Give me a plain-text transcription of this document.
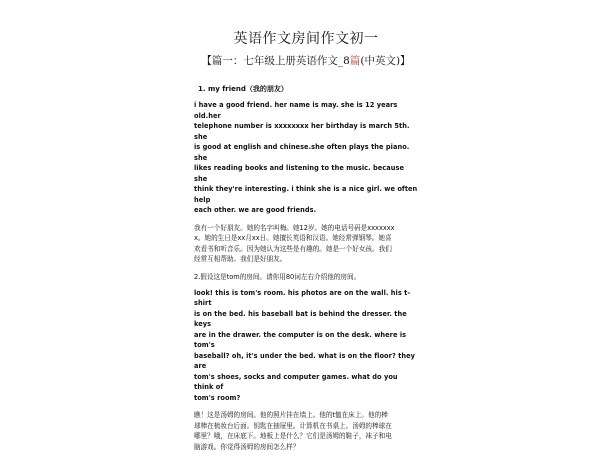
英语作文房间作文初一
【篇一：七年级上册英语作文_8篇(中英文)】
1. my friend（我的朋友）
i have a good friend. her name is may. she is 12 years old.her
telephone number is xxxxxxxx her birthday is march 5th. she
is good at english and chinese.she often plays the piano. she
likes reading books and listening to the music. because she
think they're interesting. i think she is a nice girl. we often help
each other. we are good friends.
我有一个好朋友。她的名字叫梅。她12岁。她的电话号码是xxxxxxx
x。她的生日是xx月xx日。她擅长英语和汉语。她经常弹钢琴。她喜
欢看书和听音乐。因为她认为这些是有趣的。她是一个好女孩。我们
经常互相帮助。我们是好朋友。
2.假设这是tom的房间。请你用80词左右介绍他的房间。
look! this is tom's room. his photos are on the wall. his t-shirt
is on the bed. his baseball bat is behind the dresser. the keys
are in the drawer. the computer is on the desk. where is tom's
baseball? oh, it's under the bed. what is on the floor? they are
tom's shoes, socks and computer games. what do you think of
tom's room?
瞧！这是汤姆的房间。他的照片挂在墙上。他的t恤在床上。他的棒
球棒在梳妆台后面。钥匙在抽屉里。计算机在书桌上。汤姆的棒球在
哪里？哦，在床底下。地板上是什么？它们是汤姆的鞋子，袜子和电
脑游戏。你觉得汤姆的房间怎么样？
